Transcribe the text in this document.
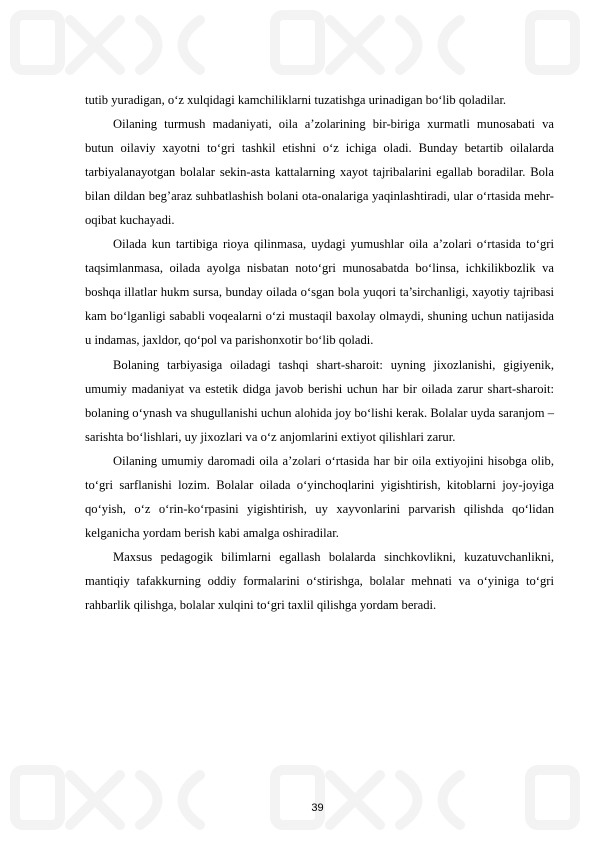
tutib yuradigan, o‘z xulqidagi kamchiliklarni tuzatishga urinadigan bo‘lib qoladilar.

Oilaning turmush madaniyati, oila a’zolarining bir-biriga xurmatli munosabati va butun oilaviy xayotni to‘gri tashkil etishni o‘z ichiga oladi. Bunday betartib oilalarda tarbiyalanayotgan bolalar sekin-asta kattalarning xayot tajribalarini egallab boradilar. Bola bilan dildan beg’araz suhbatlashish bolani ota-onalariga yaqinlashtiradi, ular o‘rtasida mehr-oqibat kuchayadi.

Oilada kun tartibiga rioya qilinmasa, uydagi yumushlar oila a’zolari o‘rtasida to‘gri taqsimlanmasa, oilada ayolga nisbatan noto‘gri munosabatda bo‘linsa, ichkilikbozlik va boshqa illatlar hukm sursa, bunday oilada o‘sgan bola yuqori ta’sirchanligi, xayotiy tajribasi kam bo‘lganligi sababli voqealarni o‘zi mustaqil baxolay olmaydi, shuning uchun natijasida u indamas, jaxldor, qo‘pol va parishonxotir bo‘lib qoladi.

Bolaning tarbiyasiga oiladagi tashqi shart-sharoit: uyning jixozlanishi, gigiyenik, umumiy madaniyat va estetik didga javob berishi uchun har bir oilada zarur shart-sharoit: bolaning o‘ynash va shugullanishi uchun alohida joy bo‘lishi kerak. Bolalar uyda saranjom –sarishta bo‘lishlari, uy jixozlari va o‘z anjomlarini extiyot qilishlari zarur.

Oilaning umumiy daromadi oila a’zolari o‘rtasida har bir oila extiyojini hisobga olib, to‘gri sarflanishi lozim. Bolalar oilada o‘yinchoqlarini yigishtirish, kitoblarni joy-joyiga qo‘yish, o‘z o‘rin-ko‘rpasini yigishtirish, uy xayvonlarini parvarish qilishda qo‘lidan kelganicha yordam berish kabi amalga oshiradilar.

Maxsus pedagogik bilimlarni egallash bolalarda sinchkovlikni, kuzatuvchanlikni, mantiqiy tafakkurning oddiy formalarini o‘stirishga, bolalar mehnati va o‘yiniga to‘gri rahbarlik qilishga, bolalar xulqini to‘gri taxlil qilishga yordam beradi.

39
